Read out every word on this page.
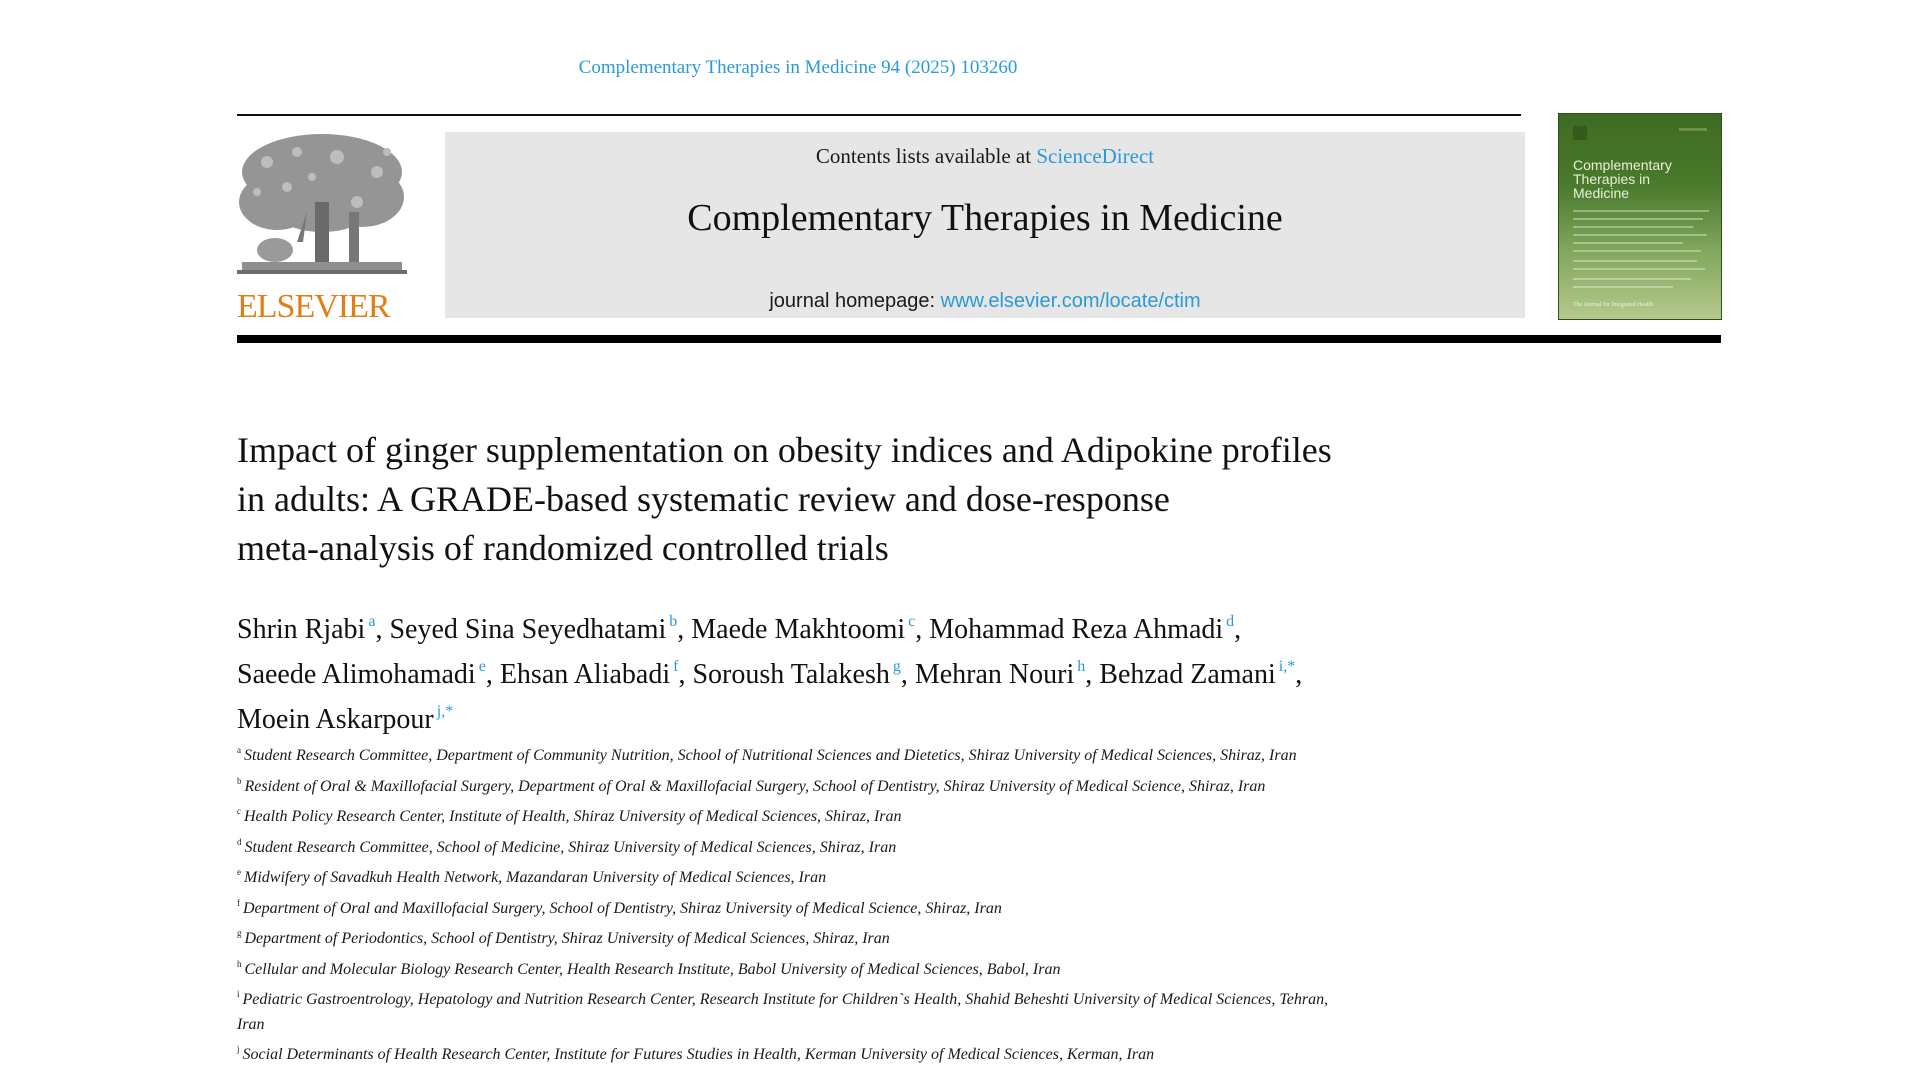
Complementary Therapies in Medicine 94 (2025) 103260
ELSEVIER
Contents lists available at ScienceDirect
Complementary Therapies in Medicine
journal homepage: www.elsevier.com/locate/ctim
Complementary
Therapies in
Medicine
The Journal for Integrated Health
Impact of ginger supplementation on obesity indices and Adipokine profiles
in adults: A GRADE-based systematic review and dose-response
meta-analysis of randomized controlled trials
Shrin Rjabi $^a$, Seyed Sina Seyedhatami $^b$, Maede Makhtoomi $^c$, Mohammad Reza Ahmadi $^d$,
Saeede Alimohamadi $^e$, Ehsan Aliabadi $^f$, Soroush Talakesh $^g$, Mehran Nouri $^h$, Behzad Zamani $^{i,*}$,
Moein Askarpour $^{j,*}$
$^a$ Student Research Committee, Department of Community Nutrition, School of Nutritional Sciences and Dietetics, Shiraz University of Medical Sciences, Shiraz, Iran
$^b$ Resident of Oral & Maxillofacial Surgery, Department of Oral & Maxillofacial Surgery, School of Dentistry, Shiraz University of Medical Science, Shiraz, Iran
$^c$ Health Policy Research Center, Institute of Health, Shiraz University of Medical Sciences, Shiraz, Iran
$^d$ Student Research Committee, School of Medicine, Shiraz University of Medical Sciences, Shiraz, Iran
$^e$ Midwifery of Savadkuh Health Network, Mazandaran University of Medical Sciences, Iran
$^f$ Department of Oral and Maxillofacial Surgery, School of Dentistry, Shiraz University of Medical Science, Shiraz, Iran
$^g$ Department of Periodontics, School of Dentistry, Shiraz University of Medical Sciences, Shiraz, Iran
$^h$ Cellular and Molecular Biology Research Center, Health Research Institute, Babol University of Medical Sciences, Babol, Iran
$^i$ Pediatric Gastroentrology, Hepatology and Nutrition Research Center, Research Institute for Children`s Health, Shahid Beheshti University of Medical Sciences, Tehran,
Iran
$^j$ Social Determinants of Health Research Center, Institute for Futures Studies in Health, Kerman University of Medical Sciences, Kerman, Iran
